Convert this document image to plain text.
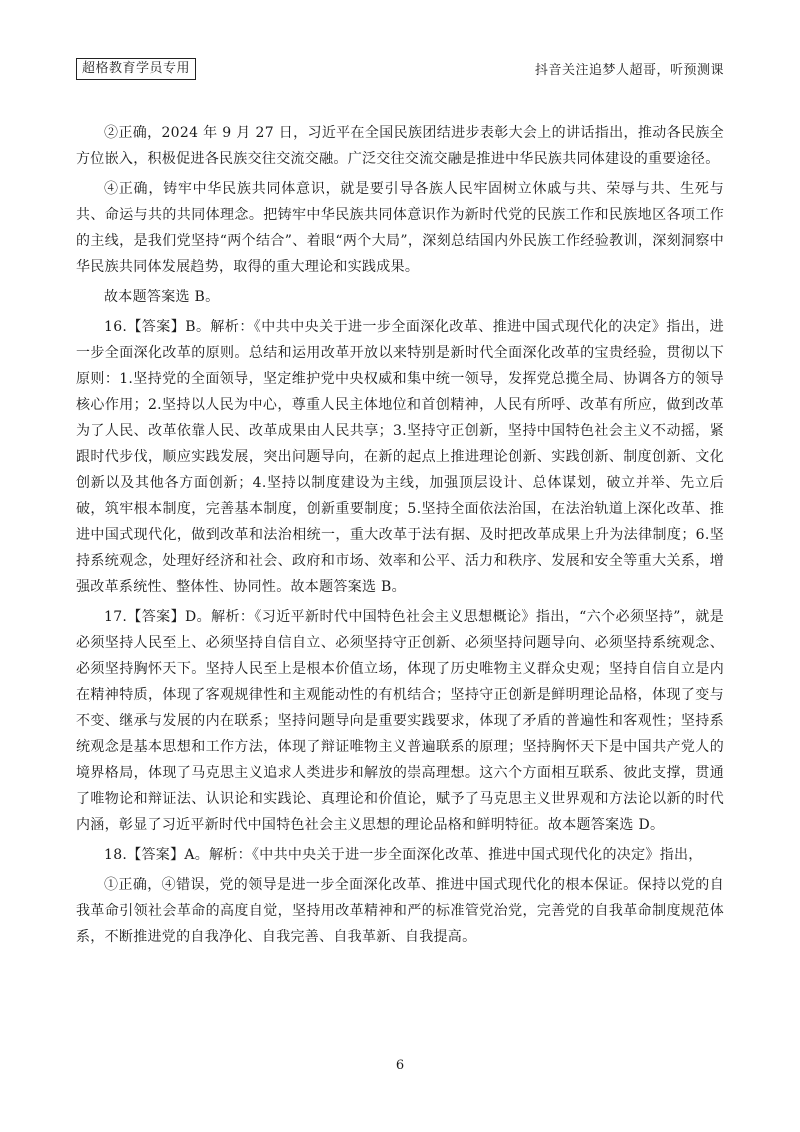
超格教育学员专用	抖音关注追梦人超哥，听预测课

②正确，2024 年 9 月 27 日，习近平在全国民族团结进步表彰大会上的讲话指出，推动各民族全方位嵌入，积极促进各民族交往交流交融。广泛交往交流交融是推进中华民族共同体建设的重要途径。

④正确，铸牢中华民族共同体意识，就是要引导各族人民牢固树立休戚与共、荣辱与共、生死与共、命运与共的共同体理念。把铸牢中华民族共同体意识作为新时代党的民族工作和民族地区各项工作的主线，是我们党坚持“两个结合”、着眼“两个大局”，深刻总结国内外民族工作经验教训，深刻洞察中华民族共同体发展趋势，取得的重大理论和实践成果。

故本题答案选 B。

16.【答案】B。解析：《中共中央关于进一步全面深化改革、推进中国式现代化的决定》指出，进一步全面深化改革的原则。总结和运用改革开放以来特别是新时代全面深化改革的宝贵经验，贯彻以下原则：1.坚持党的全面领导，坚定维护党中央权威和集中统一领导，发挥党总揽全局、协调各方的领导核心作用；2.坚持以人民为中心，尊重人民主体地位和首创精神，人民有所呼、改革有所应，做到改革为了人民、改革依靠人民、改革成果由人民共享；3.坚持守正创新，坚持中国特色社会主义不动摇，紧跟时代步伐，顺应实践发展，突出问题导向，在新的起点上推进理论创新、实践创新、制度创新、文化创新以及其他各方面创新；4.坚持以制度建设为主线，加强顶层设计、总体谋划，破立并举、先立后破，筑牢根本制度，完善基本制度，创新重要制度；5.坚持全面依法治国，在法治轨道上深化改革、推进中国式现代化，做到改革和法治相统一，重大改革于法有据、及时把改革成果上升为法律制度；6.坚持系统观念，处理好经济和社会、政府和市场、效率和公平、活力和秩序、发展和安全等重大关系，增强改革系统性、整体性、协同性。故本题答案选 B。

17.【答案】D。解析：《习近平新时代中国特色社会主义思想概论》指出，“六个必须坚持”，就是必须坚持人民至上、必须坚持自信自立、必须坚持守正创新、必须坚持问题导向、必须坚持系统观念、必须坚持胸怀天下。坚持人民至上是根本价值立场，体现了历史唯物主义群众史观；坚持自信自立是内在精神特质，体现了客观规律性和主观能动性的有机结合；坚持守正创新是鲜明理论品格，体现了变与不变、继承与发展的内在联系；坚持问题导向是重要实践要求，体现了矛盾的普遍性和客观性；坚持系统观念是基本思想和工作方法，体现了辩证唯物主义普遍联系的原理；坚持胸怀天下是中国共产党人的境界格局，体现了马克思主义追求人类进步和解放的崇高理想。这六个方面相互联系、彼此支撑，贯通了唯物论和辩证法、认识论和实践论、真理论和价值论，赋予了马克思主义世界观和方法论以新的时代内涵，彰显了习近平新时代中国特色社会主义思想的理论品格和鲜明特征。故本题答案选 D。

18.【答案】A。解析：《中共中央关于进一步全面深化改革、推进中国式现代化的决定》指出，

①正确，④错误，党的领导是进一步全面深化改革、推进中国式现代化的根本保证。保持以党的自我革命引领社会革命的高度自觉，坚持用改革精神和严的标准管党治党，完善党的自我革命制度规范体系，不断推进党的自我净化、自我完善、自我革新、自我提高。

6
